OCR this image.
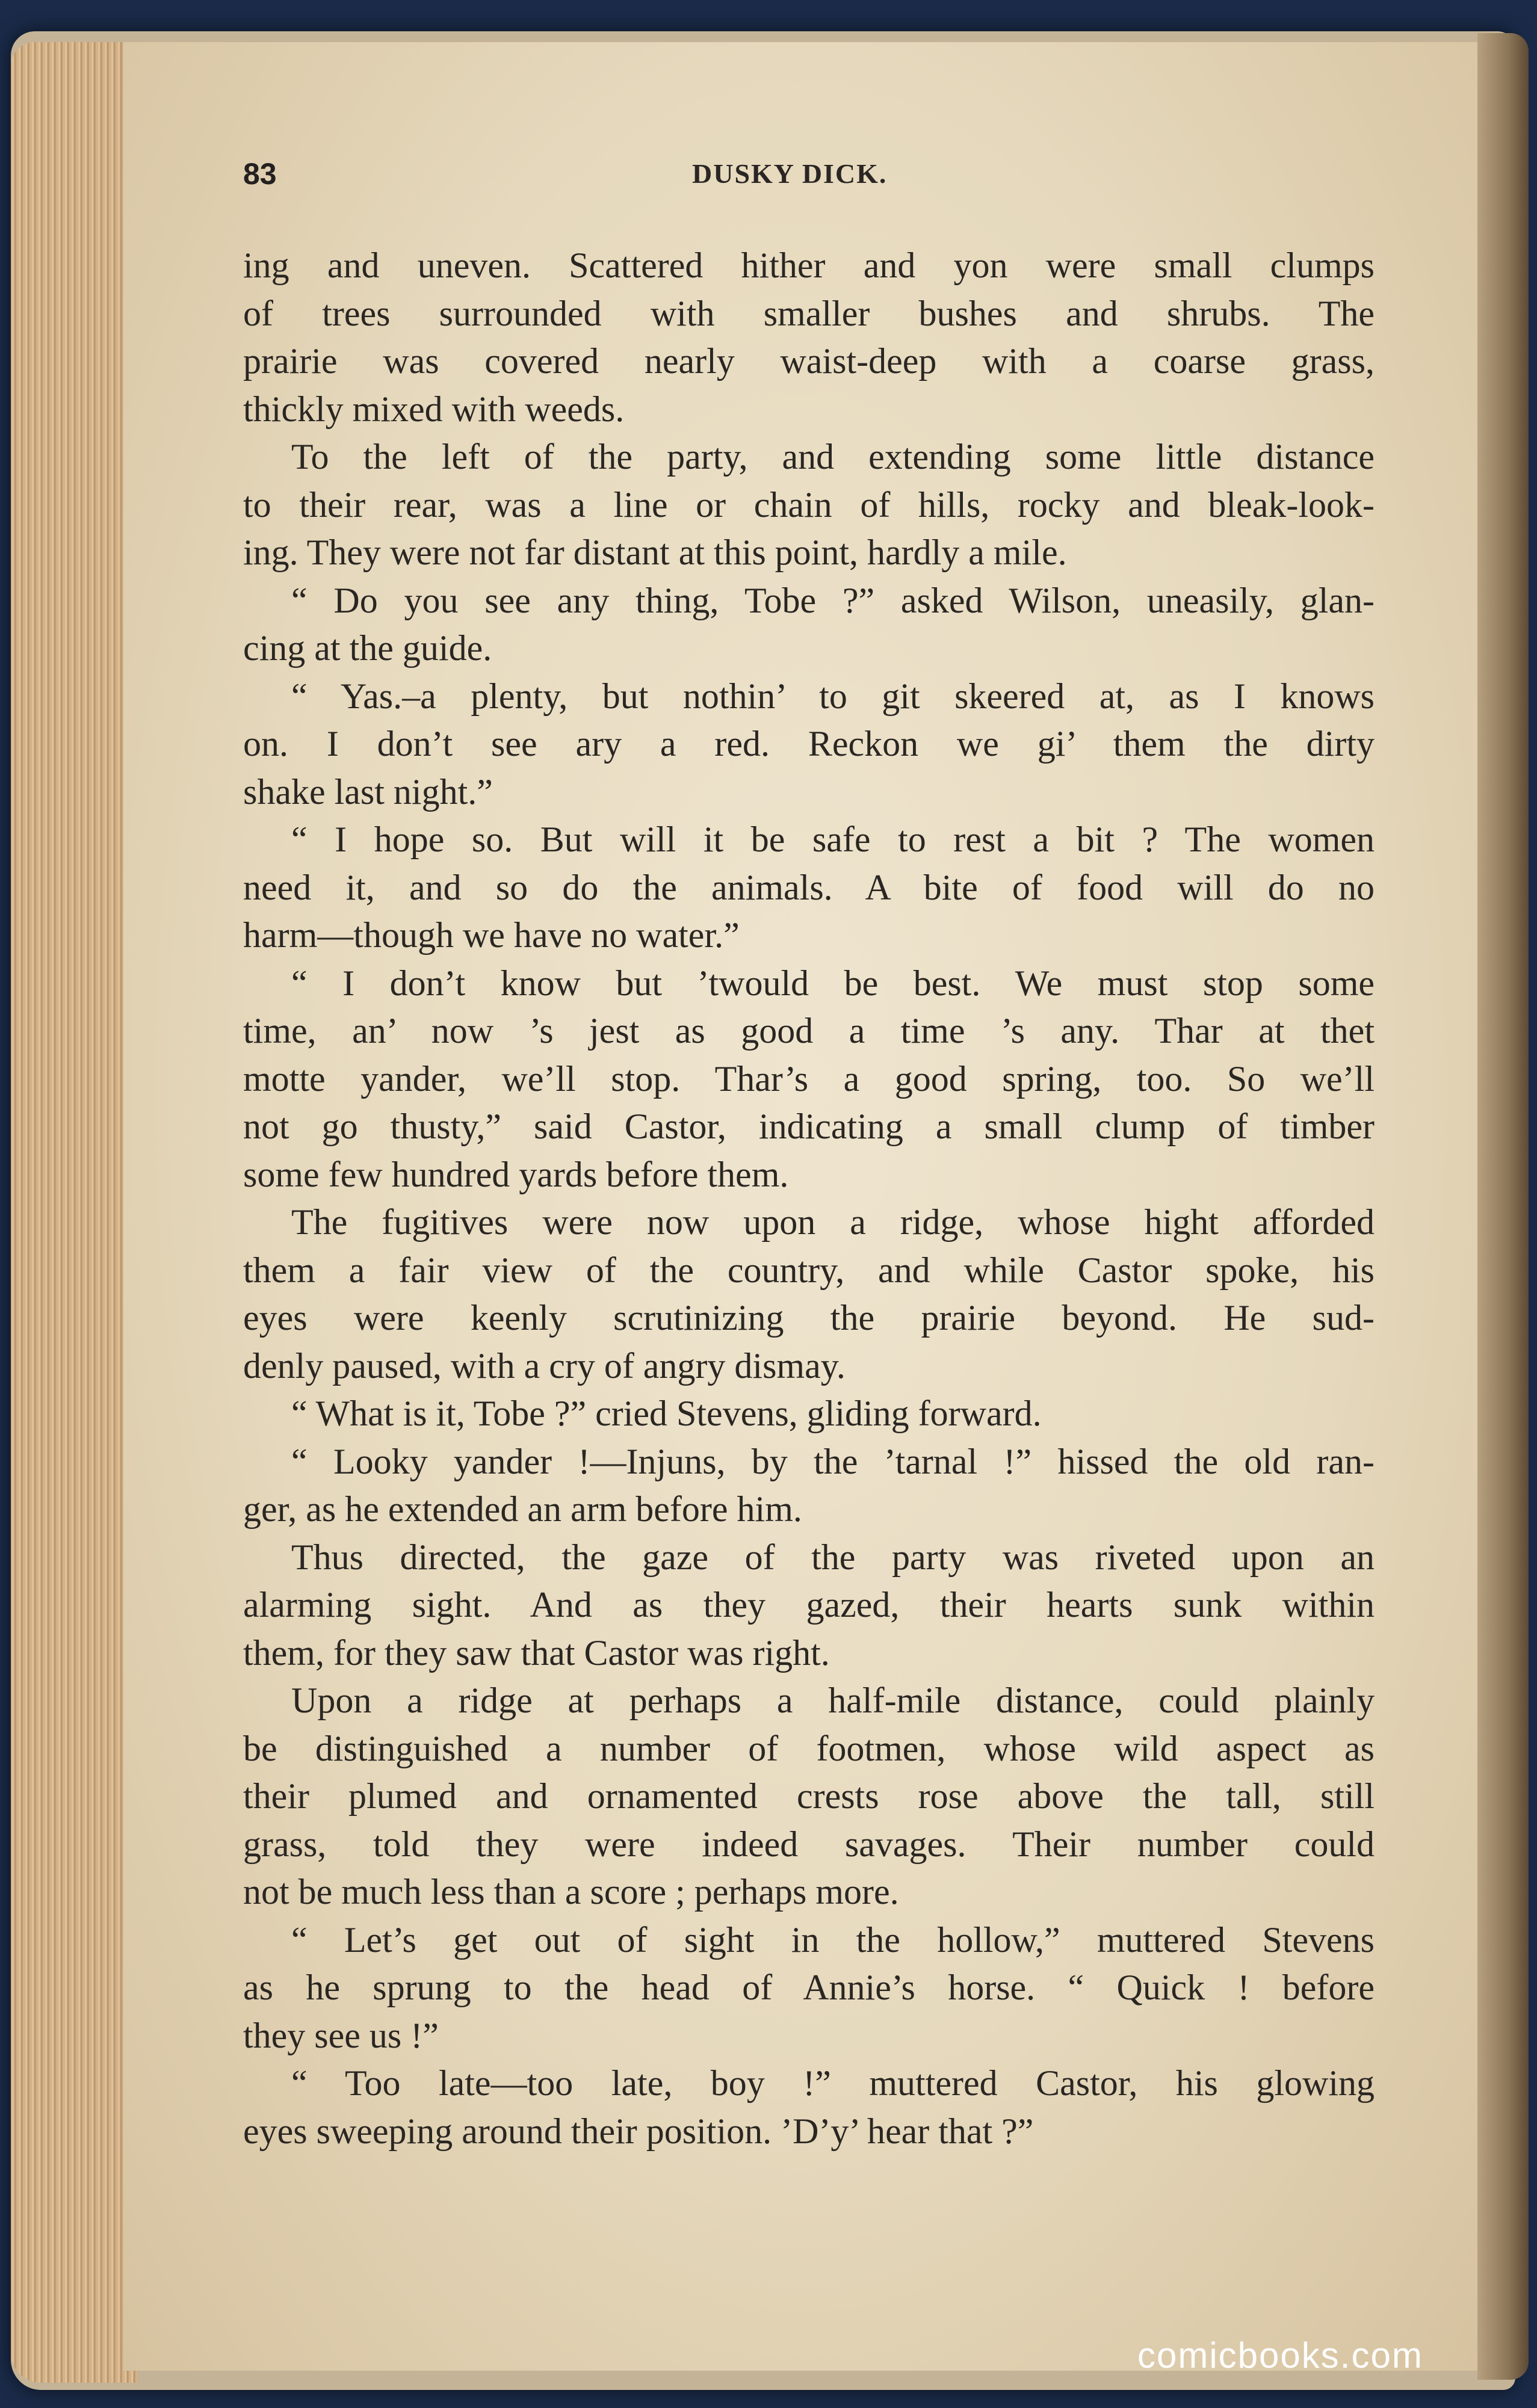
83	DUSKY DICK.
ing and uneven. Scattered hither and yon were small clumps
of trees surrounded with smaller bushes and shrubs. The
prairie was covered nearly waist-deep with a coarse grass,
thickly mixed with weeds.
To the left of the party, and extending some little distance
to their rear, was a line or chain of hills, rocky and bleak-look-
ing. They were not far distant at this point, hardly a mile.
“ Do you see any thing, Tobe ?” asked Wilson, uneasily, glan-
cing at the guide.
“ Yas.–a plenty, but nothin’ to git skeered at, as I knows
on. I don’t see ary a red. Reckon we gi’ them the dirty
shake last night.”
“ I hope so. But will it be safe to rest a bit ? The women
need it, and so do the animals. A bite of food will do no
harm—though we have no water.”
“ I don’t know but ’twould be best. We must stop some
time, an’ now ’s jest as good a time ’s any. Thar at thet
motte yander, we’ll stop. Thar’s a good spring, too. So we’ll
not go thusty,” said Castor, indicating a small clump of timber
some few hundred yards before them.
The fugitives were now upon a ridge, whose hight afforded
them a fair view of the country, and while Castor spoke, his
eyes were keenly scrutinizing the prairie beyond. He sud-
denly paused, with a cry of angry dismay.
“ What is it, Tobe ?” cried Stevens, gliding forward.
“ Looky yander !—Injuns, by the ’tarnal !” hissed the old ran-
ger, as he extended an arm before him.
Thus directed, the gaze of the party was riveted upon an
alarming sight. And as they gazed, their hearts sunk within
them, for they saw that Castor was right.
Upon a ridge at perhaps a half-mile distance, could plainly
be distinguished a number of footmen, whose wild aspect as
their plumed and ornamented crests rose above the tall, still
grass, told they were indeed savages. Their number could
not be much less than a score ; perhaps more.
“ Let’s get out of sight in the hollow,” muttered Stevens
as he sprung to the head of Annie’s horse. “ Quick ! before
they see us !”
“ Too late—too late, boy !” muttered Castor, his glowing
eyes sweeping around their position. ’D’y’ hear that ?”
comicbooks.com
